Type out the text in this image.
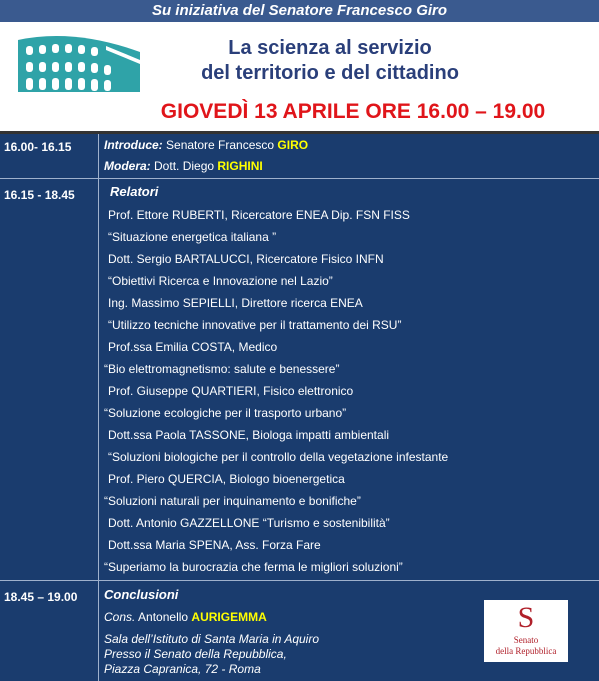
Su iniziativa del Senatore Francesco Giro
La scienza al servizio
del territorio e del cittadino
GIOVEDÌ 13 APRILE ORE 16.00 – 19.00
16.00- 16.15	Introduce: Senatore Francesco GIRO
Modera: Dott. Diego RIGHINI
16.15 - 18.45	Relatori
Prof. Ettore RUBERTI, Ricercatore ENEA Dip. FSN FISS
“Situazione energetica italiana ”
Dott. Sergio BARTALUCCI, Ricercatore Fisico INFN
“Obiettivi Ricerca e Innovazione nel Lazio”
Ing. Massimo SEPIELLI, Direttore ricerca ENEA
“Utilizzo tecniche innovative per il trattamento dei RSU”
Prof.ssa Emilia COSTA, Medico
“Bio elettromagnetismo: salute e benessere”
Prof. Giuseppe QUARTIERI, Fisico elettronico
“Soluzione ecologiche per il trasporto urbano”
Dott.ssa Paola TASSONE, Biologa impatti ambientali
“Soluzioni biologiche per il controllo della vegetazione infestante
Prof. Piero QUERCIA, Biologo bioenergetica
“Soluzioni naturali per inquinamento e bonifiche”
Dott. Antonio GAZZELLONE “Turismo e sostenibilità”
Dott.ssa Maria SPENA, Ass. Forza Fare
“Superiamo la burocrazia che ferma le migliori soluzioni”
18.45 – 19.00 Conclusioni
Cons. Antonello AURIGEMMA
Sala dell’Istituto di Santa Maria in Aquiro
Presso il Senato della Repubblica,
Piazza Capranica, 72 - Roma
S
Senato
della Repubblica
